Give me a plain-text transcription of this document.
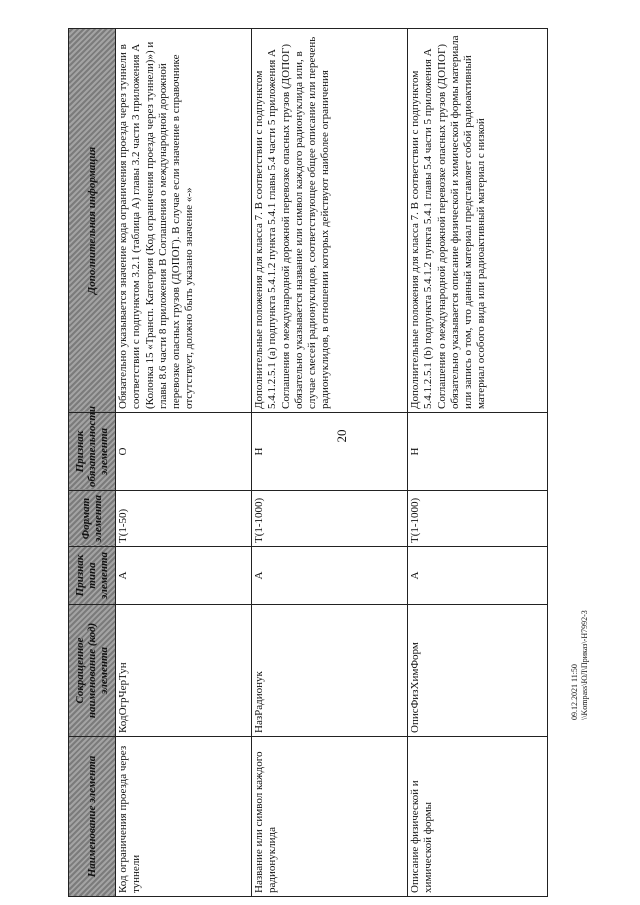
20
09.12.2021 11:50 \\Kompass\ЮЛ\Приказ\-Н7992-3
Наименование элемента	Сокращенное наименование (код) элемента	Признак типа элемента	Формат элемента	Признак обязательности элемента	Дополнительная информация
Код ограничения проезда через туннели	КодОгрЧерТун	А	T(1-50)	О	Обязательно указывается значение кода ограничения проезда через туннели в соответствии с подпунктом 3.2.1 (таблица А) главы 3.2 части 3 приложения А (Колонка 15 «Трансп. Категория (Код ограничения проезда через туннели)») и главы 8.6 части 8 приложения В Соглашения о международной дорожной перевозке опасных грузов (ДОПОГ). В случае если значение в справочнике отсутствует, должно быть указано значение «-»
Название или символ каждого радионуклида	НазРадионук	А	T(1-1000)	Н	Дополнительные положения для класса 7. В соответствии с подпунктом 5.4.1.2.5.1 (а) подпункта 5.4.1.2 пункта 5.4.1 главы 5.4 части 5 приложения А Соглашения о международной дорожной перевозке опасных грузов (ДОПОГ) обязательно указывается название или символ каждого радионуклида или, в случае смесей радионуклидов, соответствующее общее описание или перечень радионуклидов, в отношении которых действуют наиболее ограничения
Описание физической и химической формы	ОписФизХимФорм	А	T(1-1000)	Н	Дополнительные положения для класса 7. В соответствии с подпунктом 5.4.1.2.5.1 (b) подпункта 5.4.1.2 пункта 5.4.1 главы 5.4 части 5 приложения А Соглашения о международной дорожной перевозке опасных грузов (ДОПОГ) обязательно указывается описание физической и химической формы материала или запись о том, что данный материал представляет собой радиоактивный материал особого вида или радиоактивный материал с низкой
